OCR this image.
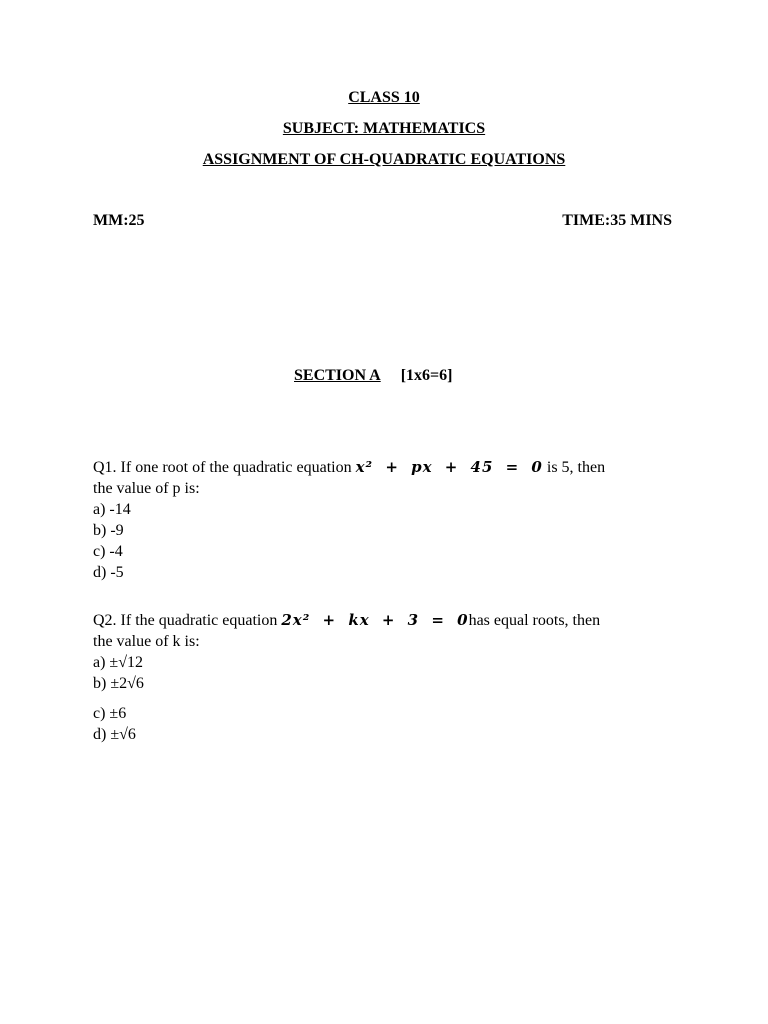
CLASS 10
SUBJECT: MATHEMATICS
ASSIGNMENT OF CH-QUADRATIC EQUATIONS
MM:25	TIME:35 MINS
SECTION A [1x6=6]
Q1. If one root of the quadratic equation x² + px + 45 = 0 is 5, then
the value of p is:
a) -14
b) -9
c) -4
d) -5
Q2. If the quadratic equation 2x² + kx + 3 = 0has equal roots, then
the value of k is:
a) ±√12
b) ±2√6
c) ±6
d) ±√6
